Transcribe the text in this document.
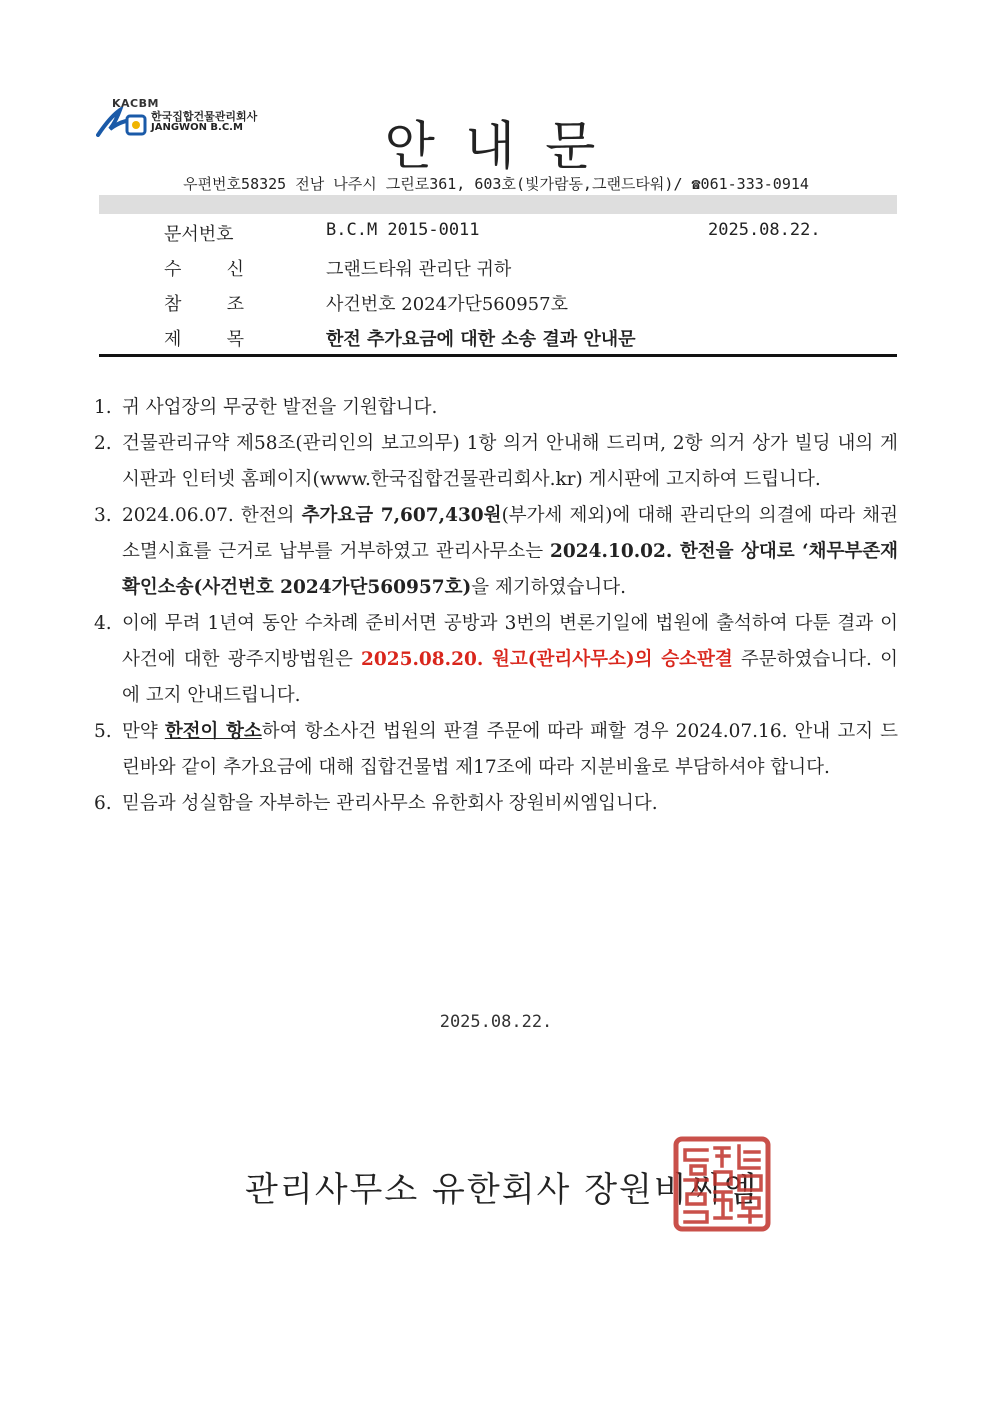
KACBM
한국집합건물관리회사
JANGWON B.C.M	안내문
우편번호58325 전남 나주시 그린로361, 603호(빛가람동,그랜드타워)/ ☎061-333-0914
문서번호	B.C.M 2015-0011	2025.08.22.
수	신	그랜드타워 관리단 귀하
참	조	사건번호 2024가단560957호
제	목	한전 추가요금에 대한 소송 결과 안내문
1. 귀 사업장의 무궁한 발전을 기원합니다.
2. 건물관리규약 제58조(관리인의 보고의무) 1항 의거 안내해 드리며, 2항 의거 상가 빌딩 내의 게시판과 인터넷 홈페이지(www.한국집합건물관리회사.kr) 게시판에 고지하여 드립니다.
3. 2024.06.07. 한전의 추가요금 7,607,430원(부가세 제외)에 대해 관리단의 의결에 따라 채권소멸시효를 근거로 납부를 거부하였고 관리사무소는 2024.10.02. 한전을 상대로 ‘채무부존재 확인소송(사건번호 2024가단560957호)을 제기하였습니다.
4. 이에 무려 1년여 동안 수차례 준비서면 공방과 3번의 변론기일에 법원에 출석하여 다툰 결과 이 사건에 대한 광주지방법원은 2025.08.20. 원고(관리사무소)의 승소판결 주문하였습니다. 이에 고지 안내드립니다.
5. 만약 한전이 항소하여 항소사건 법원의 판결 주문에 따라 패할 경우 2024.07.16. 안내 고지 드린바와 같이 추가요금에 대해 집합건물법 제17조에 따라 지분비율로 부담하셔야 합니다.
6. 믿음과 성실함을 자부하는 관리사무소 유한회사 장원비씨엠입니다.
2025.08.22.
관리사무소 유한회사 장원비씨엠
